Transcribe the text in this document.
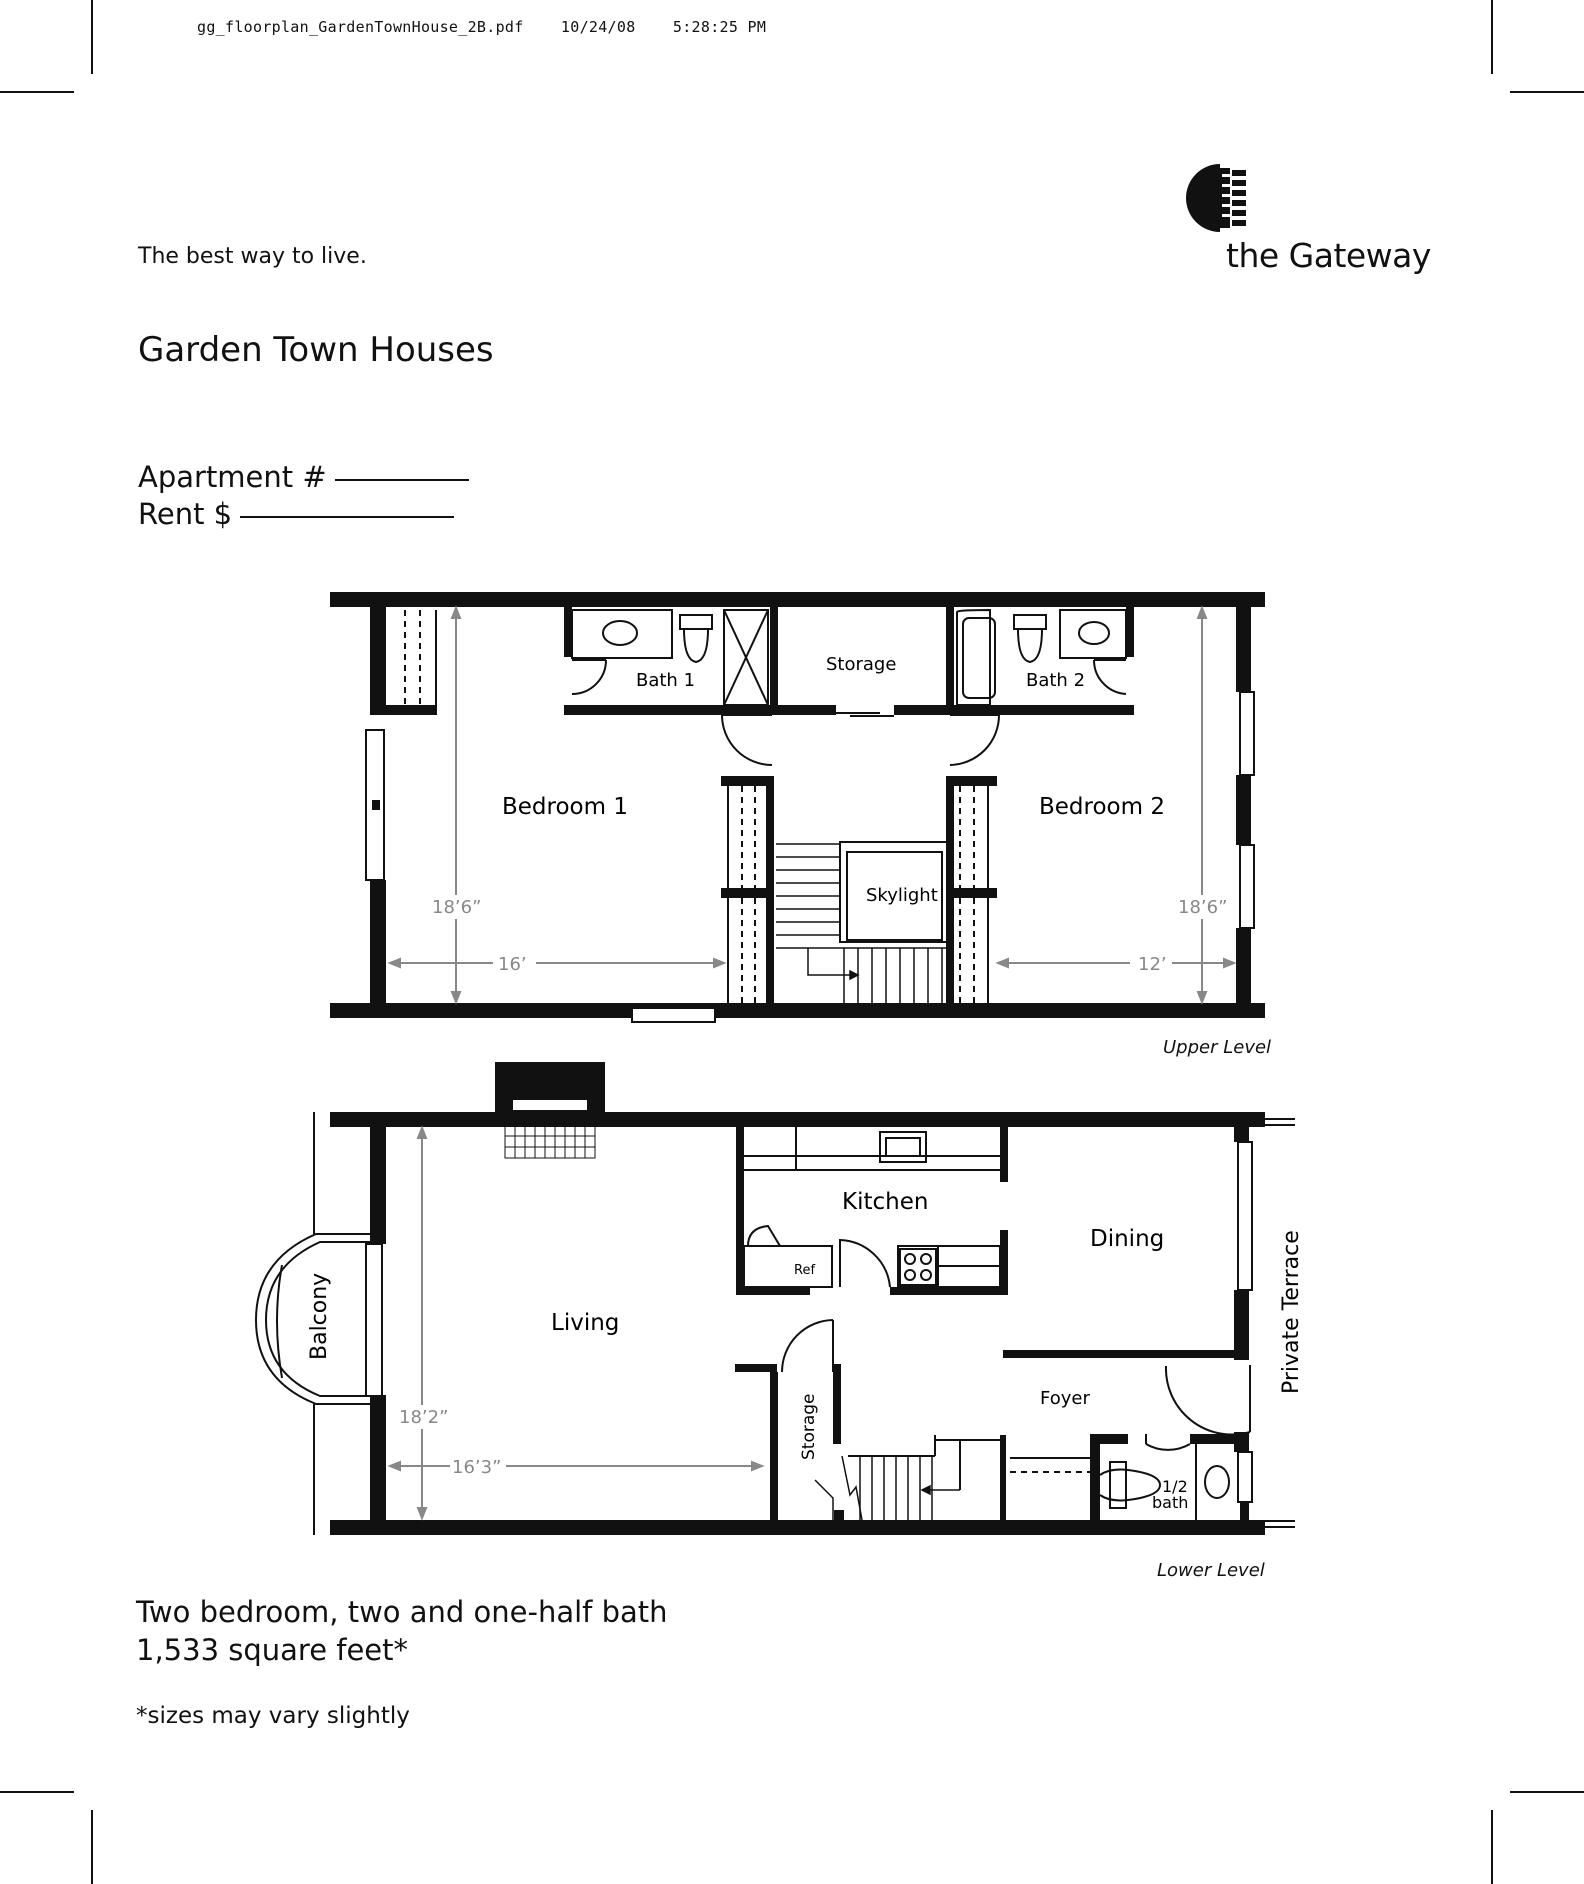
gg_floorplan_GardenTownHouse_2B.pdf 10/24/08 5:28:25 PM
the Gateway
The best way to live.
Garden Town Houses
Apartment #
Rent $
Bath 1
Storage
Bath 2
Bedroom 1	Bedroom 2
Skylight
18’6”
16’
18’6”
12’
Upper Level
Kitchen
Ref
Dining
Living
Foyer
1/2
bath
Balcony
Storage
Private Terrace
18’2”
16’3”
Lower Level
Two bedroom, two and one-half bath
1,533 square feet*
*sizes may vary slightly
